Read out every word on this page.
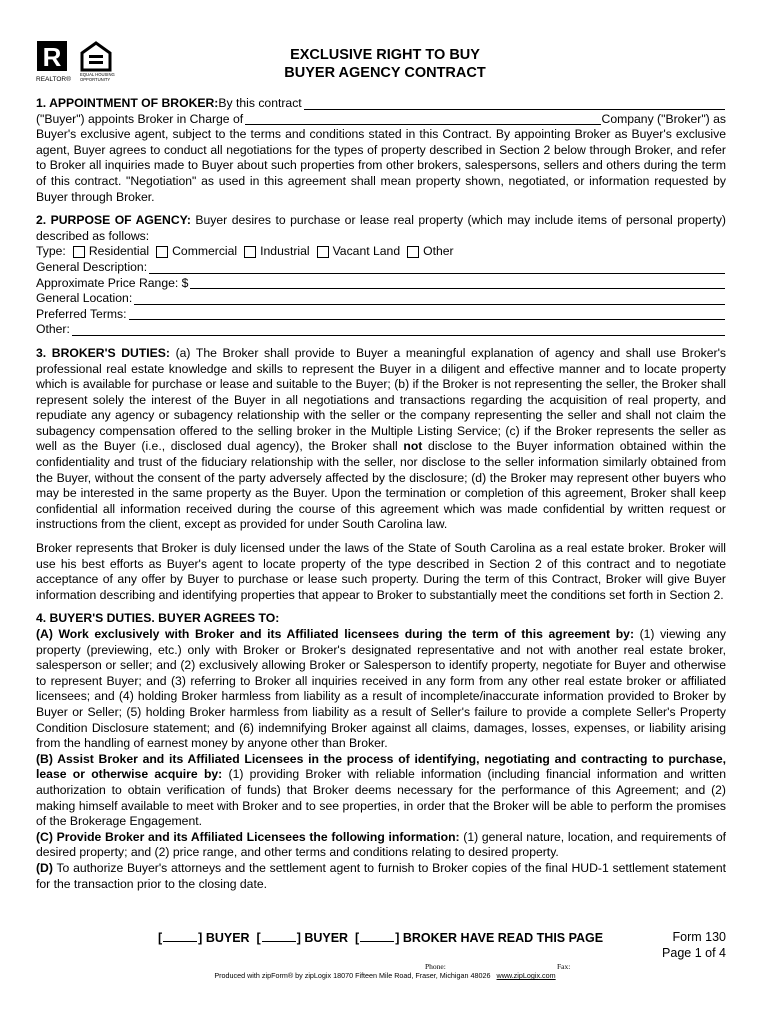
R
REALTOR®
EQUAL HOUSING
OPPORTUNITY
EXCLUSIVE RIGHT TO BUY
BUYER AGENCY CONTRACT
1. APPOINTMENT OF BROKER: By this contract
("Buyer") appoints Broker in Charge of	Company ("Broker") as

Buyer's exclusive agent, subject to the terms and conditions stated in this Contract. By appointing Broker as Buyer's exclusive agent, Buyer agrees to conduct all negotiations for the types of property described in Section 2 below through Broker, and refer to Broker all inquiries made to Buyer about such properties from other brokers, salespersons, sellers and others during the term of this contract. "Negotiation" as used in this agreement shall mean property shown, negotiated, or information requested by Buyer through Broker.

2. PURPOSE OF AGENCY: Buyer desires to purchase or lease real property (which may include items of personal property) described as follows:

Type: Residential Commercial Industrial Vacant Land Other
General Description:
Approximate Price Range: $
General Location:
Preferred Terms:
Other:

3. BROKER'S DUTIES: (a) The Broker shall provide to Buyer a meaningful explanation of agency and shall use Broker's professional real estate knowledge and skills to represent the Buyer in a diligent and effective manner and to locate property which is available for purchase or lease and suitable to the Buyer; (b) if the Broker is not representing the seller, the Broker shall represent solely the interest of the Buyer in all negotiations and transactions regarding the acquisition of real property, and repudiate any agency or subagency relationship with the seller or the company representing the seller and shall not claim the subagency compensation offered to the selling broker in the Multiple Listing Service; (c) if the Broker represents the seller as well as the Buyer (i.e., disclosed dual agency), the Broker shall not disclose to the Buyer information obtained within the confidentiality and trust of the fiduciary relationship with the seller, nor disclose to the seller information similarly obtained from the Buyer, without the consent of the party adversely affected by the disclosure; (d) the Broker may represent other buyers who may be interested in the same property as the Buyer. Upon the termination or completion of this agreement, Broker shall keep confidential all information received during the course of this agreement which was made confidential by written request or instructions from the client, except as provided for under South Carolina law.

Broker represents that Broker is duly licensed under the laws of the State of South Carolina as a real estate broker. Broker will use his best efforts as Buyer's agent to locate property of the type described in Section 2 of this contract and to negotiate acceptance of any offer by Buyer to purchase or lease such property. During the term of this Contract, Broker will give Buyer information describing and identifying properties that appear to Broker to substantially meet the conditions set forth in Section 2.

4. BUYER'S DUTIES. BUYER AGREES TO:

(A) Work exclusively with Broker and its Affiliated licensees during the term of this agreement by: (1) viewing any property (previewing, etc.) only with Broker or Broker's designated representative and not with another real estate broker, salesperson or seller; and (2) exclusively allowing Broker or Salesperson to identify property, negotiate for Buyer and otherwise to represent Buyer; and (3) referring to Broker all inquiries received in any form from any other real estate broker or affiliated licensees; and (4) holding Broker harmless from liability as a result of incomplete/inaccurate information provided to Broker by Buyer or Seller; (5) holding Broker harmless from liability as a result of Seller's failure to provide a complete Seller's Property Condition Disclosure statement; and (6) indemnifying Broker against all claims, damages, losses, expenses, or liability arising from the handling of earnest money by anyone other than Broker.

(B) Assist Broker and its Affiliated Licensees in the process of identifying, negotiating and contracting to purchase, lease or otherwise acquire by: (1) providing Broker with reliable information (including financial information and written authorization to obtain verification of funds) that Broker deems necessary for the performance of this Agreement; and (2) making himself available to meet with Broker and to see properties, in order that the Broker will be able to perform the promises of the Brokerage Engagement.

(C) Provide Broker and its Affiliated Licensees the following information: (1) general nature, location, and requirements of desired property; and (2) price range, and other terms and conditions relating to desired property.

(D) To authorize Buyer's attorneys and the settlement agent to furnish to Broker copies of the final HUD-1 settlement statement for the transaction prior to the closing date.

[	] BUYER  [	] BUYER  [	] BROKER HAVE READ THIS PAGE	Form 130
Page 1 of 4
Phone:	Fax:
Produced with zipForm® by zipLogix 18070 Fifteen Mile Road, Fraser, Michigan 48026 www.zipLogix.com
